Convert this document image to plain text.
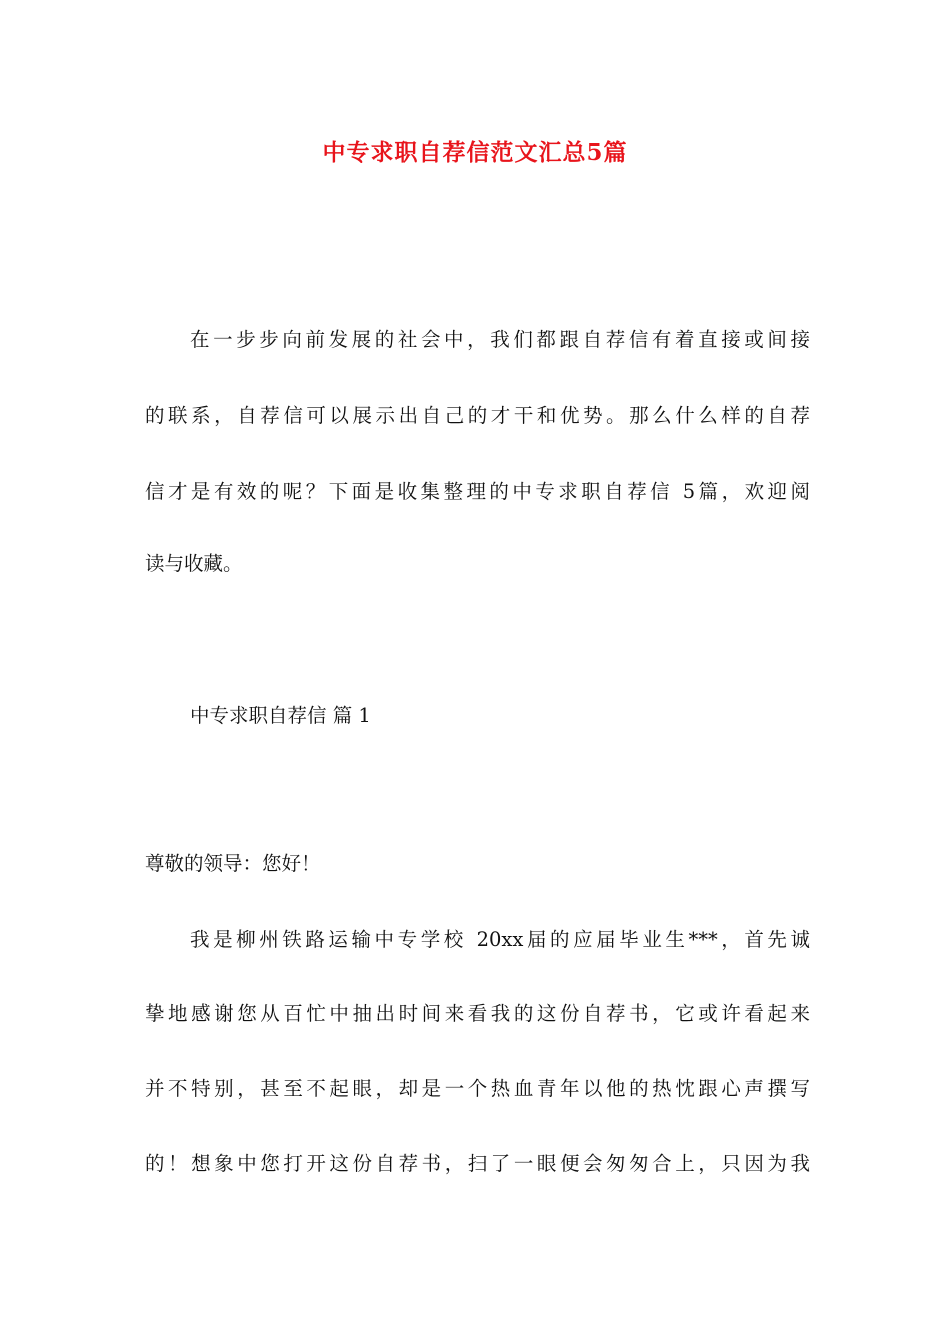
中专求职自荐信范文汇总5篇
在一步步向前发展的社会中，我们都跟自荐信有着直接或间接
的联系，自荐信可以展示出自己的才干和优势。那么什么样的自荐
信才是有效的呢？下面是收集整理的中专求职自荐信 5篇，欢迎阅
读与收藏。
中专求职自荐信 篇 1
尊敬的领导：您好！
我是柳州铁路运输中专学校 20xx届的应届毕业生***，首先诚
挚地感谢您从百忙中抽出时间来看我的这份自荐书，它或许看起来
并不特别，甚至不起眼，却是一个热血青年以他的热忱跟心声撰写
的！想象中您打开这份自荐书，扫了一眼便会匆匆合上，只因为我
